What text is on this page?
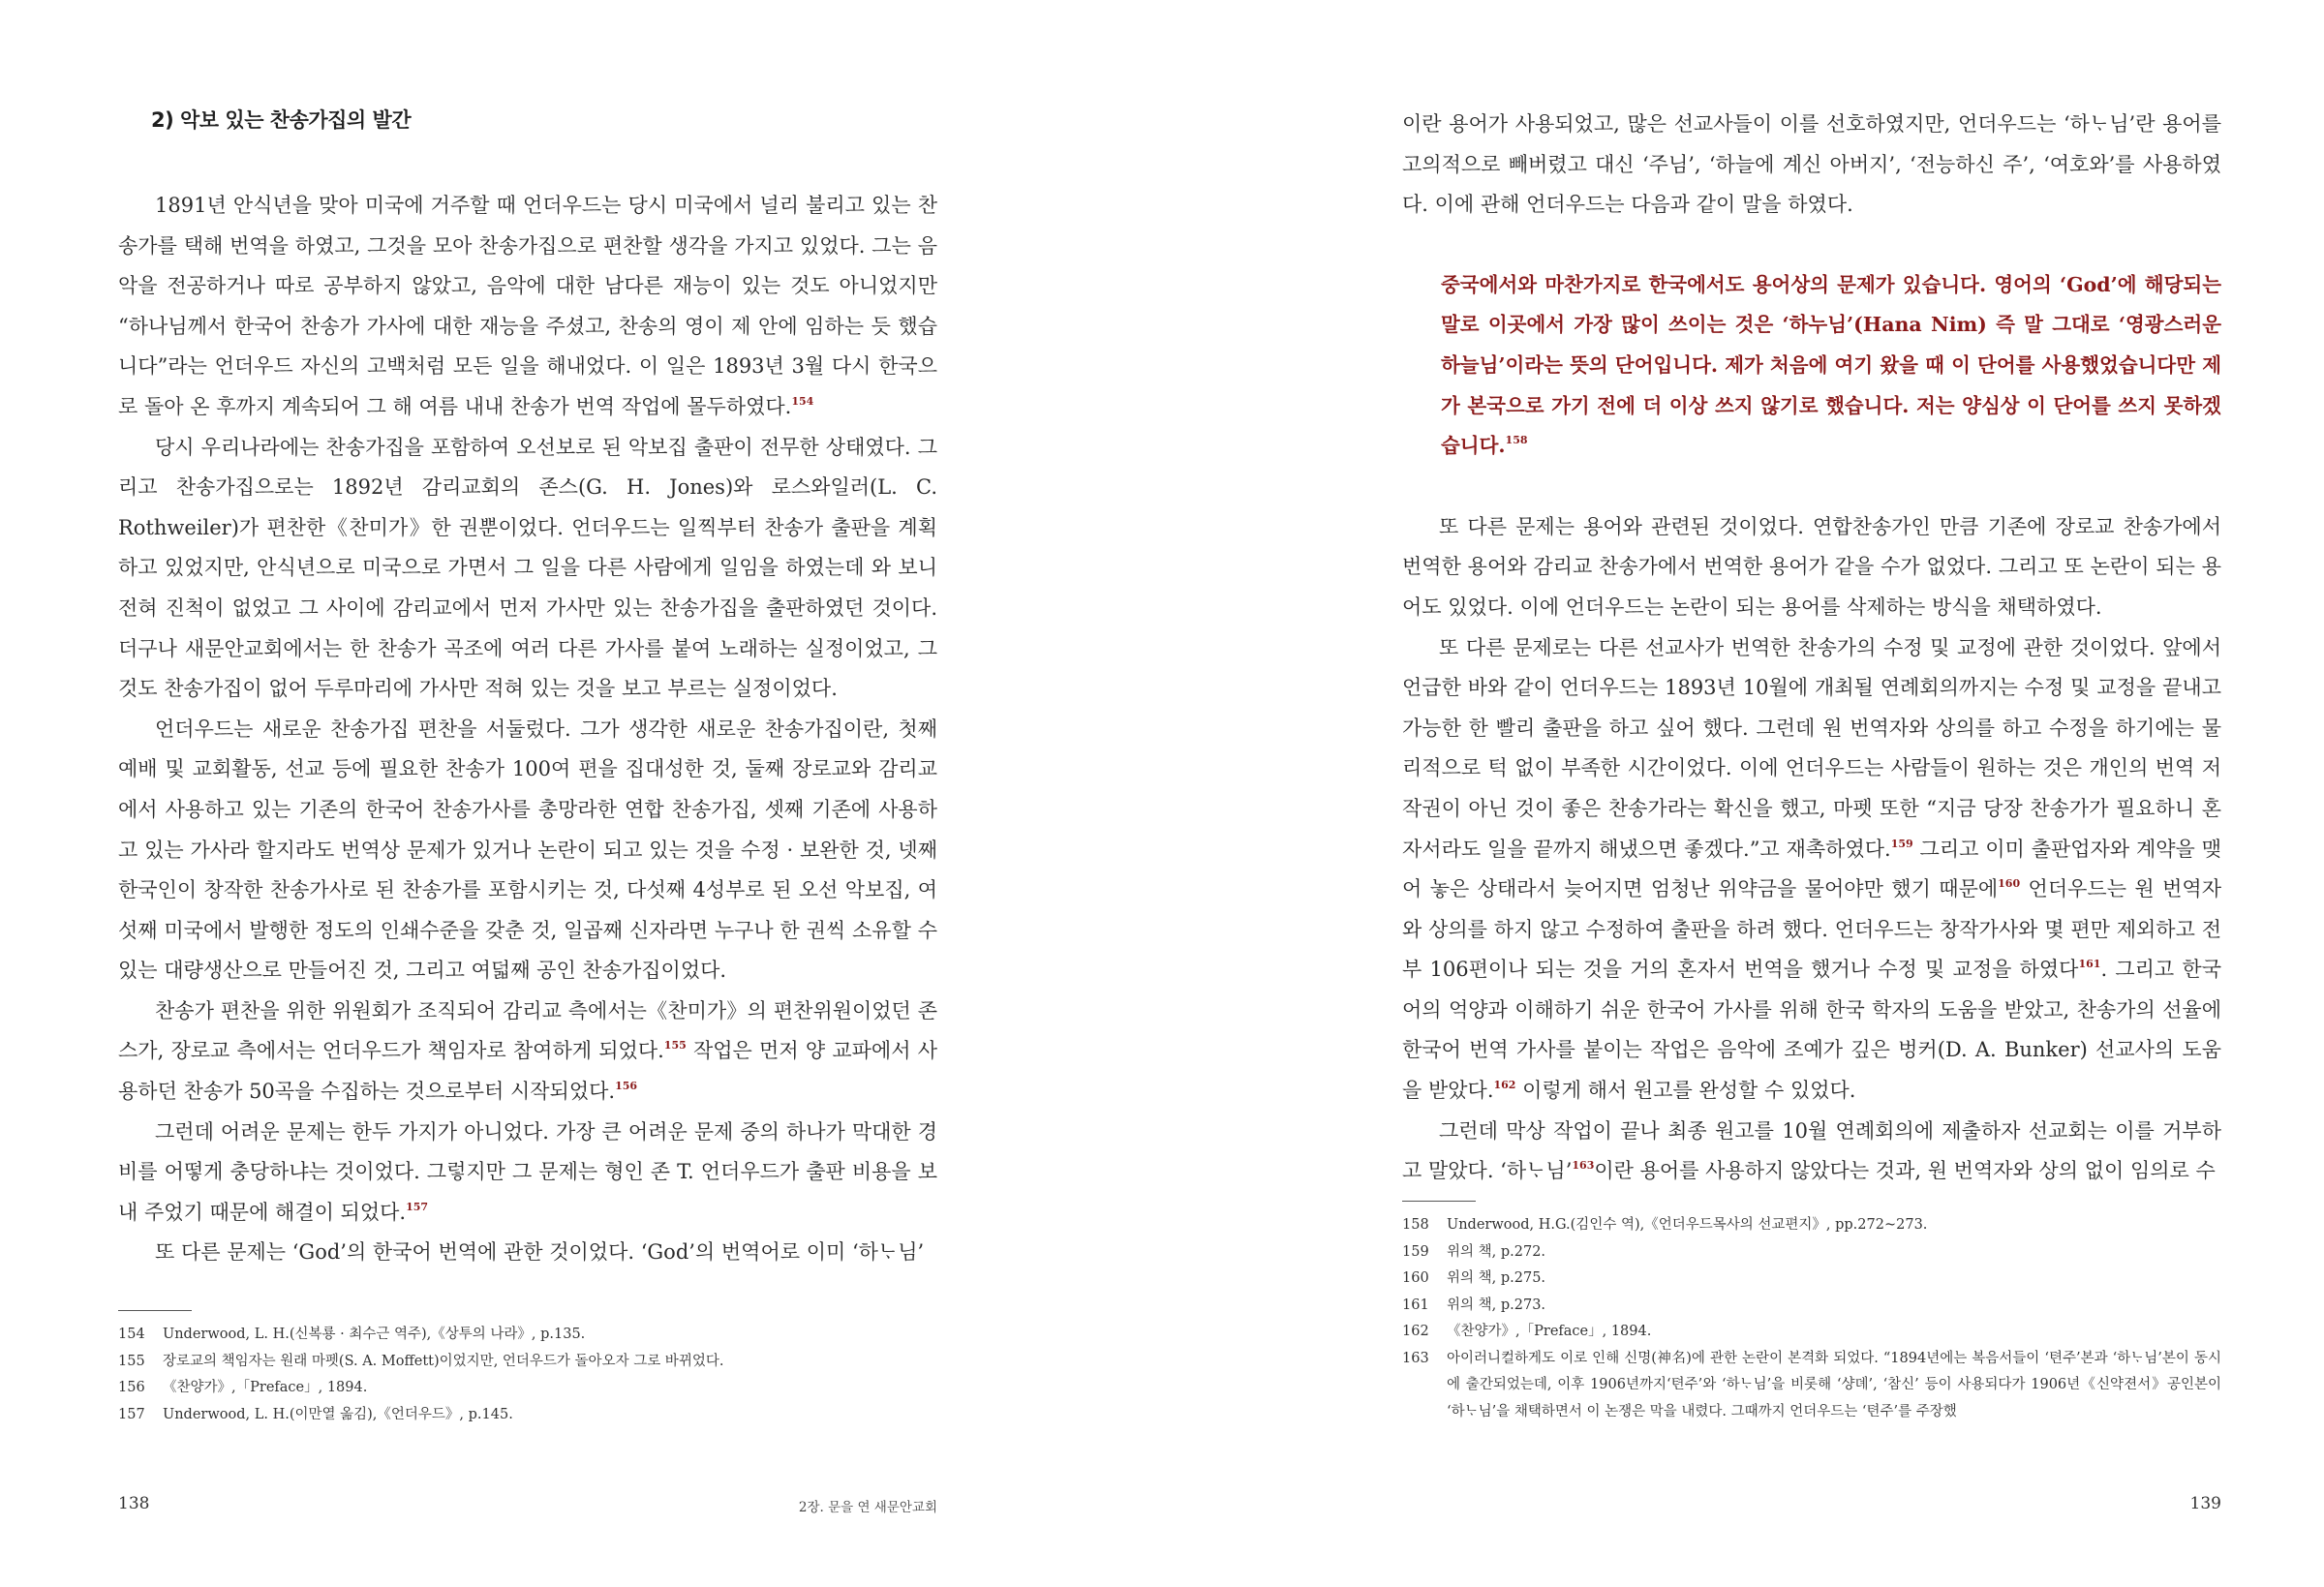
2) 악보 있는 찬송가집의 발간

1891년 안식년을 맞아 미국에 거주할 때 언더우드는 당시 미국에서 널리 불리고 있는 찬송가를 택해 번역을 하였고, 그것을 모아 찬송가집으로 편찬할 생각을 가지고 있었다. 그는 음악을 전공하거나 따로 공부하지 않았고, 음악에 대한 남다른 재능이 있는 것도 아니었지만 “하나님께서 한국어 찬송가 가사에 대한 재능을 주셨고, 찬송의 영이 제 안에 임하는 듯 했습니다”라는 언더우드 자신의 고백처럼 모든 일을 해내었다. 이 일은 1893년 3월 다시 한국으로 돌아 온 후까지 계속되어 그 해 여름 내내 찬송가 번역 작업에 몰두하였다.$^{154}$

당시 우리나라에는 찬송가집을 포함하여 오선보로 된 악보집 출판이 전무한 상태였다. 그리고 찬송가집으로는 1892년 감리교회의 존스(G. H. Jones)와 로스와일러(L. C. Rothweiler)가 편찬한《찬미가》한 권뿐이었다. 언더우드는 일찍부터 찬송가 출판을 계획하고 있었지만, 안식년으로 미국으로 가면서 그 일을 다른 사람에게 일임을 하였는데 와 보니 전혀 진척이 없었고 그 사이에 감리교에서 먼저 가사만 있는 찬송가집을 출판하였던 것이다. 더구나 새문안교회에서는 한 찬송가 곡조에 여러 다른 가사를 붙여 노래하는 실정이었고, 그것도 찬송가집이 없어 두루마리에 가사만 적혀 있는 것을 보고 부르는 실정이었다.

언더우드는 새로운 찬송가집 편찬을 서둘렀다. 그가 생각한 새로운 찬송가집이란, 첫째 예배 및 교회활동, 선교 등에 필요한 찬송가 100여 편을 집대성한 것, 둘째 장로교와 감리교에서 사용하고 있는 기존의 한국어 찬송가사를 총망라한 연합 찬송가집, 셋째 기존에 사용하고 있는 가사라 할지라도 번역상 문제가 있거나 논란이 되고 있는 것을 수정 · 보완한 것, 넷째 한국인이 창작한 찬송가사로 된 찬송가를 포함시키는 것, 다섯째 4성부로 된 오선 악보집, 여섯째 미국에서 발행한 정도의 인쇄수준을 갖춘 것, 일곱째 신자라면 누구나 한 권씩 소유할 수 있는 대량생산으로 만들어진 것, 그리고 여덟째 공인 찬송가집이었다.

찬송가 편찬을 위한 위원회가 조직되어 감리교 측에서는《찬미가》의 편찬위원이었던 존스가, 장로교 측에서는 언더우드가 책임자로 참여하게 되었다.$^{155}$ 작업은 먼저 양 교파에서 사용하던 찬송가 50곡을 수집하는 것으로부터 시작되었다.$^{156}$

그런데 어려운 문제는 한두 가지가 아니었다. 가장 큰 어려운 문제 중의 하나가 막대한 경비를 어떻게 충당하냐는 것이었다. 그렇지만 그 문제는 형인 존 T. 언더우드가 출판 비용을 보내 주었기 때문에 해결이 되었다.$^{157}$

또 다른 문제는 ‘God’의 한국어 번역에 관한 것이었다. ‘God’의 번역어로 이미 ‘하ᄂᆞ님’

154	Underwood, L. H.(신복룡 · 최수근 역주),《상투의 나라》, p.135.
155	장로교의 책임자는 원래 마펫(S. A. Moffett)이었지만, 언더우드가 돌아오자 그로 바뀌었다.
156	《찬양가》,「Preface」, 1894.
157	Underwood, L. H.(이만열 옮김),《언더우드》, p.145.
138	2장. 문을 연 새문안교회

이란 용어가 사용되었고, 많은 선교사들이 이를 선호하였지만, 언더우드는 ‘하ᄂᆞ님’란 용어를 고의적으로 빼버렸고 대신 ‘주님’, ‘하늘에 계신 아버지’, ‘전능하신 주’, ‘여호와’를 사용하였다. 이에 관해 언더우드는 다음과 같이 말을 하였다.

중국에서와 마찬가지로 한국에서도 용어상의 문제가 있습니다. 영어의 ‘God’에 해당되는 말로 이곳에서 가장 많이 쓰이는 것은 ‘하누님’(Hana Nim) 즉 말 그대로 ‘영광스러운 하늘님’이라는 뜻의 단어입니다. 제가 처음에 여기 왔을 때 이 단어를 사용했었습니다만 제가 본국으로 가기 전에 더 이상 쓰지 않기로 했습니다. 저는 양심상 이 단어를 쓰지 못하겠습니다.$^{158}$

또 다른 문제는 용어와 관련된 것이었다. 연합찬송가인 만큼 기존에 장로교 찬송가에서 번역한 용어와 감리교 찬송가에서 번역한 용어가 같을 수가 없었다. 그리고 또 논란이 되는 용어도 있었다. 이에 언더우드는 논란이 되는 용어를 삭제하는 방식을 채택하였다.

또 다른 문제로는 다른 선교사가 번역한 찬송가의 수정 및 교정에 관한 것이었다. 앞에서 언급한 바와 같이 언더우드는 1893년 10월에 개최될 연례회의까지는 수정 및 교정을 끝내고 가능한 한 빨리 출판을 하고 싶어 했다. 그런데 원 번역자와 상의를 하고 수정을 하기에는 물리적으로 턱 없이 부족한 시간이었다. 이에 언더우드는 사람들이 원하는 것은 개인의 번역 저작권이 아닌 것이 좋은 찬송가라는 확신을 했고, 마펫 또한 “지금 당장 찬송가가 필요하니 혼자서라도 일을 끝까지 해냈으면 좋겠다.”고 재촉하였다.$^{159}$ 그리고 이미 출판업자와 계약을 맺어 놓은 상태라서 늦어지면 엄청난 위약금을 물어야만 했기 때문에$^{160}$ 언더우드는 원 번역자와 상의를 하지 않고 수정하여 출판을 하려 했다. 언더우드는 창작가사와 몇 편만 제외하고 전부 106편이나 되는 것을 거의 혼자서 번역을 했거나 수정 및 교정을 하였다$^{161}$. 그리고 한국어의 억양과 이해하기 쉬운 한국어 가사를 위해 한국 학자의 도움을 받았고, 찬송가의 선율에 한국어 번역 가사를 붙이는 작업은 음악에 조예가 깊은 벙커(D. A. Bunker) 선교사의 도움을 받았다.$^{162}$ 이렇게 해서 원고를 완성할 수 있었다.

그런데 막상 작업이 끝나 최종 원고를 10월 연례회의에 제출하자 선교회는 이를 거부하고 말았다. ‘하ᄂᆞ님’$^{163}$이란 용어를 사용하지 않았다는 것과, 원 번역자와 상의 없이 임의로 수

158	Underwood, H.G.(김인수 역),《언더우드목사의 선교편지》, pp.272~273.
159	위의 책, p.272.
160	위의 책, p.275.
161	위의 책, p.273.
162	《찬양가》,「Preface」, 1894.
163	아이러니컬하게도 이로 인해 신명(神名)에 관한 논란이 본격화 되었다. “1894년에는 복음서들이 ‘텬주’본과 ‘하ᄂᆞ님’본이 동시에 출간되었는데, 이후 1906년까지‘텬주’와 ‘하ᄂᆞ님’을 비롯해 ‘샹뎨’, ‘참신’ 등이 사용되다가 1906년《신약젼서》공인본이 ‘하ᄂᆞ님’을 채택하면서 이 논쟁은 막을 내렸다. 그때까지 언더우드는 ‘텬주’를 주장했
139
